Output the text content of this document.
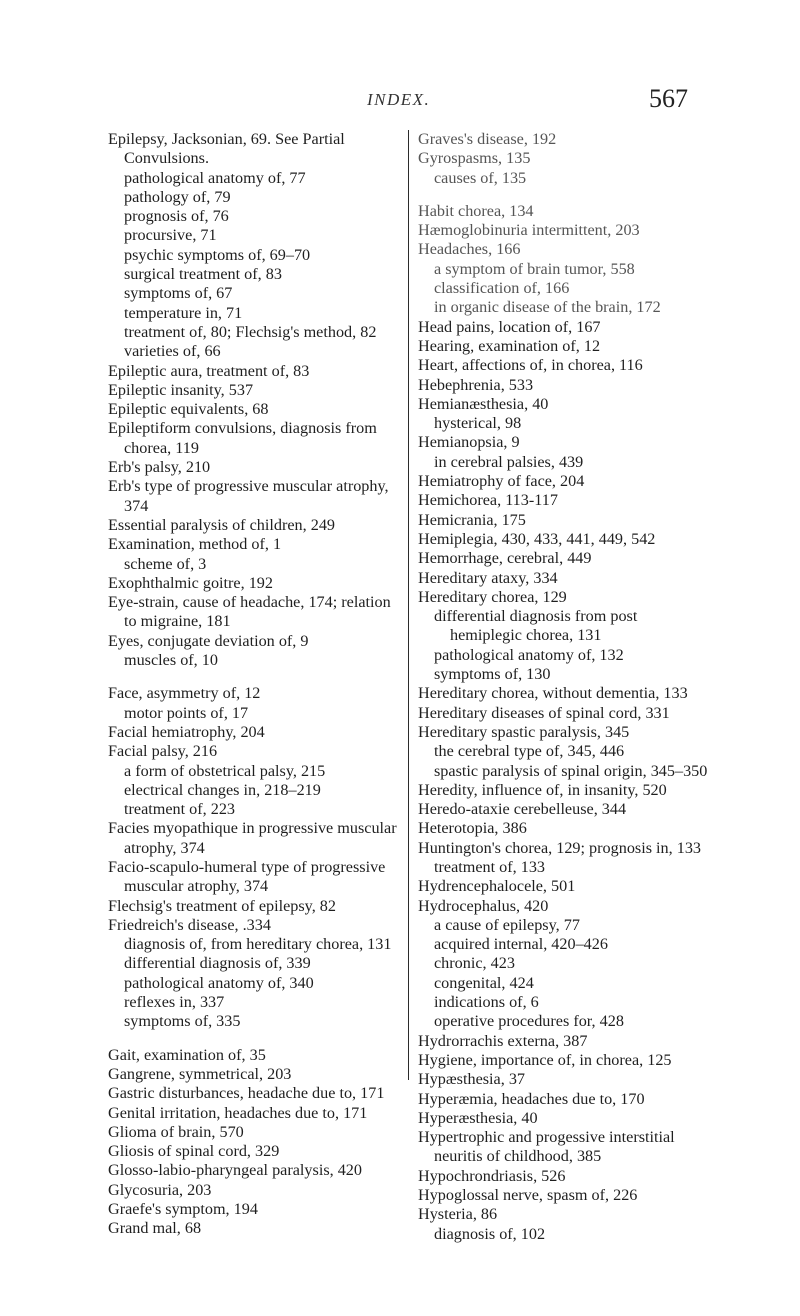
INDEX.	567

Epilepsy, Jacksonian, 69. See Partial Convulsions.

pathological anatomy of, 77

pathology of, 79

prognosis of, 76

procursive, 71

psychic symptoms of, 69–70

surgical treatment of, 83

symptoms of, 67

temperature in, 71

treatment of, 80; Flechsig's method, 82

varieties of, 66

Epileptic aura, treatment of, 83

Epileptic insanity, 537

Epileptic equivalents, 68

Epileptiform convulsions, diagnosis from chorea, 119

Erb's palsy, 210

Erb's type of progressive muscular atrophy, 374

Essential paralysis of children, 249

Examination, method of, 1

scheme of, 3

Exophthalmic goitre, 192

Eye-strain, cause of headache, 174; relation to migraine, 181

Eyes, conjugate deviation of, 9

muscles of, 10

Face, asymmetry of, 12

motor points of, 17

Facial hemiatrophy, 204

Facial palsy, 216

a form of obstetrical palsy, 215

electrical changes in, 218–219

treatment of, 223

Facies myopathique in progressive muscular atrophy, 374

Facio-scapulo-humeral type of progressive muscular atrophy, 374

Flechsig's treatment of epilepsy, 82

Friedreich's disease, .334

diagnosis of, from hereditary chorea, 131

differential diagnosis of, 339

pathological anatomy of, 340

reflexes in, 337

symptoms of, 335

Gait, examination of, 35

Gangrene, symmetrical, 203

Gastric disturbances, headache due to, 171

Genital irritation, headaches due to, 171

Glioma of brain, 570

Gliosis of spinal cord, 329

Glosso-labio-pharyngeal paralysis, 420

Glycosuria, 203

Graefe's symptom, 194

Grand mal, 68

Graves's disease, 192

Gyrospasms, 135

causes of, 135

Habit chorea, 134

Hæmoglobinuria intermittent, 203

Headaches, 166

a symptom of brain tumor, 558

classification of, 166

in organic disease of the brain, 172

Head pains, location of, 167

Hearing, examination of, 12

Heart, affections of, in chorea, 116

Hebephrenia, 533

Hemianæsthesia, 40

hysterical, 98

Hemianopsia, 9

in cerebral palsies, 439

Hemiatrophy of face, 204

Hemichorea, 113-117

Hemicrania, 175

Hemiplegia, 430, 433, 441, 449, 542

Hemorrhage, cerebral, 449

Hereditary ataxy, 334

Hereditary chorea, 129

differential diagnosis from post hemiplegic chorea, 131

pathological anatomy of, 132

symptoms of, 130

Hereditary chorea, without dementia, 133

Hereditary diseases of spinal cord, 331

Hereditary spastic paralysis, 345

the cerebral type of, 345, 446

spastic paralysis of spinal origin, 345–350

Heredity, influence of, in insanity, 520

Heredo-ataxie cerebelleuse, 344

Heterotopia, 386

Huntington's chorea, 129; prognosis in, 133

treatment of, 133

Hydrencephalocele, 501

Hydrocephalus, 420

a cause of epilepsy, 77

acquired internal, 420–426

chronic, 423

congenital, 424

indications of, 6

operative procedures for, 428

Hydrorrachis externa, 387

Hygiene, importance of, in chorea, 125

Hypæsthesia, 37

Hyperæmia, headaches due to, 170

Hyperæsthesia, 40

Hypertrophic and progessive interstitial neuritis of childhood, 385

Hypochrondriasis, 526

Hypoglossal nerve, spasm of, 226

Hysteria, 86

diagnosis of, 102
